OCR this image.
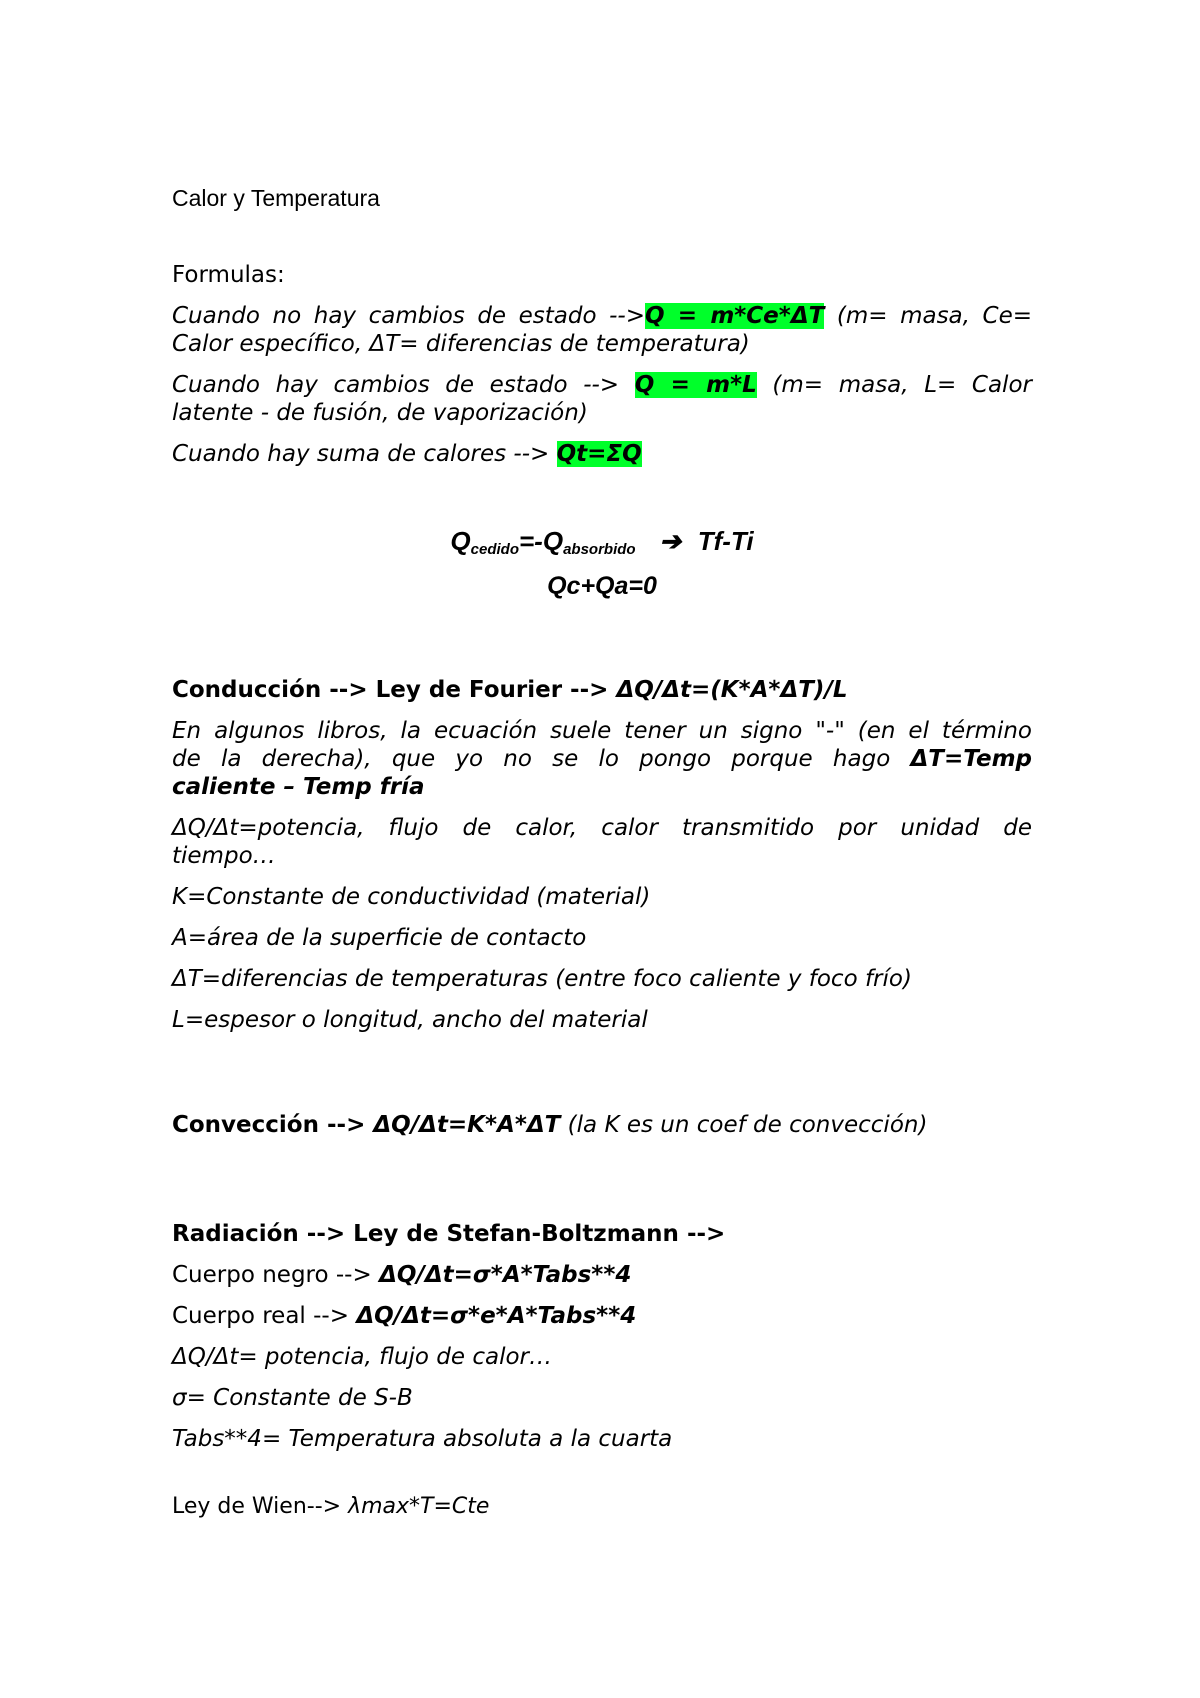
Calor y Temperatura
Formulas:
Cuando no hay cambios de estado -->Q = m*Ce*ΔT (m= masa, Ce=
Calor específico, ΔT= diferencias de temperatura)
Cuando hay cambios de estado --> Q = m*L (m= masa, L= Calor
latente - de fusión, de vaporización)
Cuando hay suma de calores --> Qt=ΣQ
$Q_{cedido}=-Q_{absorbido}$ ➔ Tf-Ti
Qc+Qa=0
Conducción --> Ley de Fourier --> ΔQ/Δt=(K*A*ΔT)/L
En algunos libros, la ecuación suele tener un signo "-" (en el término
de la derecha), que yo no se lo pongo porque hago ΔT=Temp
caliente – Temp fría
ΔQ/Δt=potencia, flujo de calor, calor transmitido por unidad de
tiempo…
K=Constante de conductividad (material)
A=área de la superficie de contacto
ΔT=diferencias de temperaturas (entre foco caliente y foco frío)
L=espesor o longitud, ancho del material
Convección --> ΔQ/Δt=K*A*ΔT (la K es un coef de convección)
Radiación --> Ley de Stefan-Boltzmann -->
Cuerpo negro --> ΔQ/Δt=σ*A*Tabs**4
Cuerpo real --> ΔQ/Δt=σ*e*A*Tabs**4
ΔQ/Δt= potencia, flujo de calor…
σ= Constante de S-B
Tabs**4= Temperatura absoluta a la cuarta
Ley de Wien--> λmax*T=Cte
